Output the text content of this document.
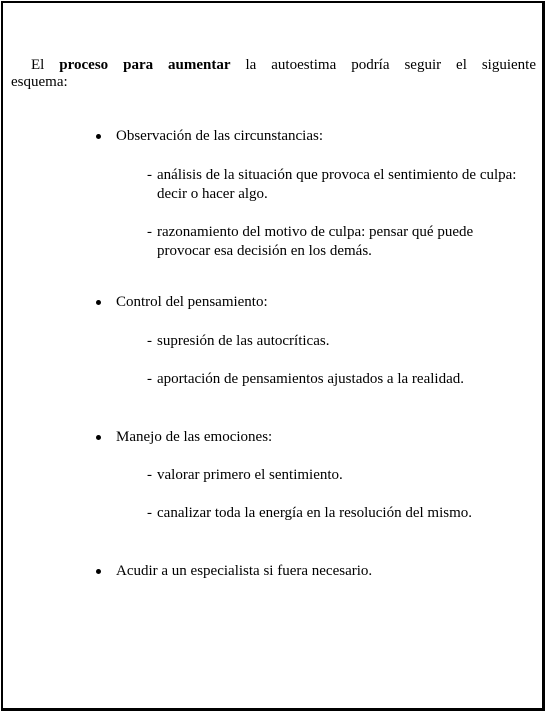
El proceso para aumentar la autoestima podría seguir el siguiente
esquema:

Observación de las circunstancias:
- análisis de la situación que provoca el sentimiento de culpa: decir o hacer algo.
- razonamiento del motivo de culpa: pensar qué puede provocar esa decisión en los demás.
Control del pensamiento:
- supresión de las autocríticas.
- aportación de pensamientos ajustados a la realidad.
Manejo de las emociones:
- valorar primero el sentimiento.
- canalizar toda la energía en la resolución del mismo.
Acudir a un especialista si fuera necesario.
